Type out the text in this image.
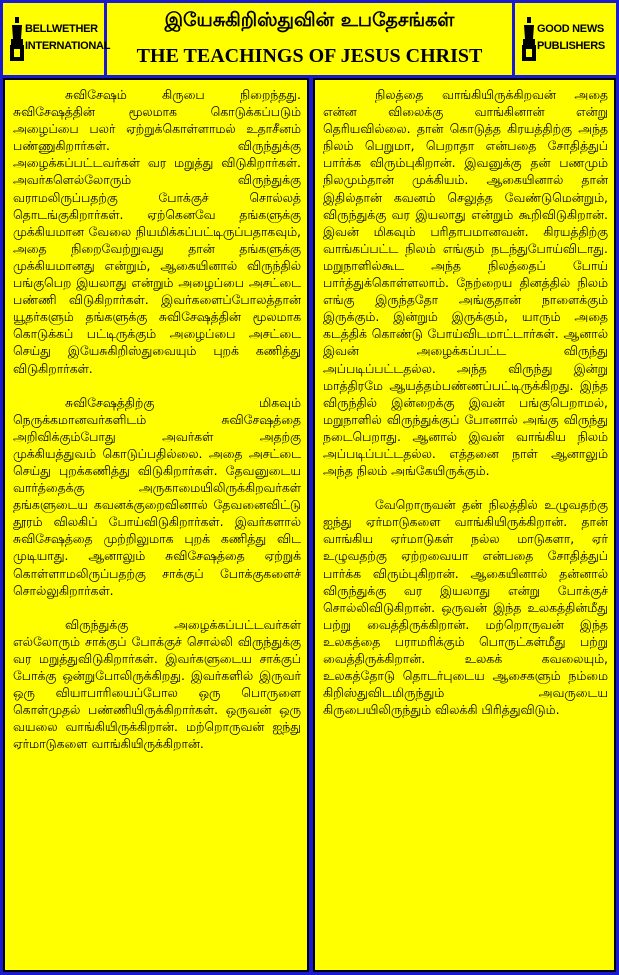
BELLWETHER
INTERNATIONAL
இயேசுகிறிஸ்துவின் உபதேசங்கள்
THE TEACHINGS OF JESUS CHRIST
GOOD NEWS
PUBLISHERS

சுவிசேஷம் கிருபை நிறைந்தது. சுவிசேஷத்தின் மூலமாக கொடுக்கப்படும் அழைப்பை பலர் ஏற்றுக்கொள்ளாமல் உதாசீனம் பண்ணுகிறார்கள். விருந்துக்கு அழைக்கப்பட்டவர்கள் வர மறுத்து விடுகிறார்கள். அவர்களெல்லோரும் விருந்துக்கு வராமலிருப்பதற்கு போக்குச் சொல்லத் தொடங்குகிறார்கள். ஏற்கெனவே தங்களுக்கு முக்கியமான வேலை நியமிக்கப்பட்டிருப்பதாகவும், அதை நிறைவேற்றுவது தான் தங்களுக்கு முக்கியமானது என்றும், ஆகையினால் விருந்தில் பங்குபெற இயலாது என்றும் அழைப்பை அசட்டை பண்ணி விடுகிறார்கள். இவர்களைப்போலத்தான் யூதர்களும் தங்களுக்கு சுவிசேஷத்தின் மூலமாக கொடுக்கப் பட்டிருக்கும் அழைப்பை அசட்டை செய்து இயேசுகிறிஸ்துவையும் புறக் கணித்து விடுகிறார்கள்.

சுவிசேஷத்திற்கு மிகவும் நெருக்கமானவர்களிடம் சுவிசேஷத்தை அறிவிக்கும்போது அவர்கள் அதற்கு முக்கியத்துவம் கொடுப்பதில்லை. அதை அசட்டை செய்து புறக்கணித்து விடுகிறார்கள். தேவனுடைய வார்த்தைக்கு அருகாமையிலிருக்கிறவர்கள் தங்களுடைய கவனக்குறைவினால் தேவனைவிட்டு தூரம் விலகிப் போய்விடுகிறார்கள். இவர்களால் சுவிசேஷத்தை முற்றிலுமாக புறக் கணித்து விட முடியாது. ஆனாலும் சுவிசேஷத்தை ஏற்றுக் கொள்ளாமலிருப்பதற்கு சாக்குப் போக்குகளைச் சொல்லுகிறார்கள்.

விருந்துக்கு அழைக்கப்பட்டவர்கள் எல்லோரும் சாக்குப் போக்குச் சொல்லி விருந்துக்கு வர மறுத்துவிடுகிறார்கள். இவர்களுடைய சாக்குப் போக்கு ஒன்றுபோலிருக்கிறது. இவர்களில் இருவர் ஒரு வியாபாரியைப்போல ஒரு பொருளை கொள்முதல் பண்ணியிருக்கிறார்கள். ஒருவன் ஒரு வயலை வாங்கியிருக்கிறான். மற்றொருவன் ஐந்து ஏர்மாடுகளை வாங்கியிருக்கிறான்.

நிலத்தை வாங்கியிருக்கிறவன் அதை என்ன விலைக்கு வாங்கினான் என்று தெரியவில்லை. தான் கொடுத்த கிரயத்திற்கு அந்த நிலம் பெறுமா, பெறாதா என்பதை சோதித்துப் பார்க்க விரும்புகிறான். இவனுக்கு தன் பணமும் நிலமும்தான் முக்கியம். ஆகையினால் தான் இதில்தான் கவனம் செலுத்த வேண்டுமென்றும், விருந்துக்கு வர இயலாது என்றும் கூறிவிடுகிறான். இவன் மிகவும் பரிதாபமானவன். கிரயத்திற்கு வாங்கப்பட்ட நிலம் எங்கும் நடந்துபோய்விடாது. மறுநாளில்கூட அந்த நிலத்தைப் போய் பார்த்துக்கொள்ளலாம். நேற்றைய தினத்தில் நிலம் எங்கு இருந்ததோ அங்குதான் நாளைக்கும் இருக்கும். இன்றும் இருக்கும், யாரும் அதை கடத்திக் கொண்டு போய்விடமாட்டார்கள். ஆனால் இவன் அழைக்கப்பட்ட விருந்து அப்படிப்பட்டதல்ல. அந்த விருந்து இன்று மாத்திரமே ஆயத்தம்பண்ணப்பட்டிருக்கிறது. இந்த விருந்தில் இன்றைக்கு இவன் பங்குபெறாமல், மறுநாளில் விருந்துக்குப் போனால் அங்கு விருந்து நடைபெறாது. ஆனால் இவன் வாங்கிய நிலம் அப்படிப்பட்டதல்ல. எத்தனை நாள் ஆனாலும் அந்த நிலம் அங்கேயிருக்கும்.

வேறொருவன் தன் நிலத்தில் உழுவதற்கு ஐந்து ஏர்மாடுகளை வாங்கியிருக்கிறான். தான் வாங்கிய ஏர்மாடுகள் நல்ல மாடுகளா, ஏர் உழுவதற்கு ஏற்றவையா என்பதை சோதித்துப் பார்க்க விரும்புகிறான். ஆகையினால் தன்னால் விருந்துக்கு வர இயலாது என்று போக்குச் சொல்லிவிடுகிறான். ஒருவன் இந்த உலகத்தின்மீது பற்று வைத்திருக்கிறான். மற்றொருவன் இந்த உலகத்தை பராமரிக்கும் பொருட்கள்மீது பற்று வைத்திருக்கிறான். உலகக் கவலையும், உலகத்தோடு தொடர்புடைய ஆசைகளும் நம்மை கிறிஸ்துவிடமிருந்தும் அவருடைய கிருபையிலிருந்தும் விலக்கி பிரித்துவிடும்.
